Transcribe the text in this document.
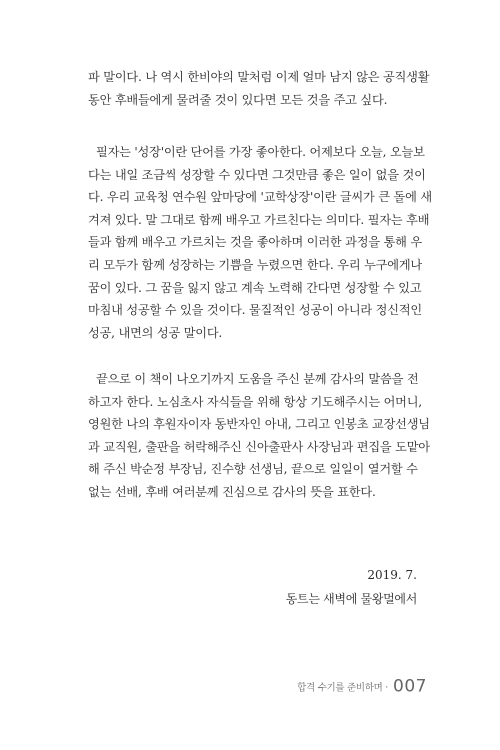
파 말이다. 나 역시 한비야의 말처럼 이제 얼마 남지 않은 공직생활
동안 후배들에게 물려줄 것이 있다면 모든 것을 주고 싶다.
필자는 '성장'이란 단어를 가장 좋아한다. 어제보다 오늘, 오늘보
다는 내일 조금씩 성장할 수 있다면 그것만큼 좋은 일이 없을 것이
다. 우리 교육청 연수원 앞마당에 '교학상장'이란 글씨가 큰 돌에 새
겨져 있다. 말 그대로 함께 배우고 가르친다는 의미다. 필자는 후배
들과 함께 배우고 가르치는 것을 좋아하며 이러한 과정을 통해 우
리 모두가 함께 성장하는 기쁨을 누렸으면 한다. 우리 누구에게나
꿈이 있다. 그 꿈을 잃지 않고 계속 노력해 간다면 성장할 수 있고
마침내 성공할 수 있을 것이다. 물질적인 성공이 아니라 정신적인
성공, 내면의 성공 말이다.
끝으로 이 책이 나오기까지 도움을 주신 분께 감사의 말씀을 전
하고자 한다. 노심초사 자식들을 위해 항상 기도해주시는 어머니,
영원한 나의 후원자이자 동반자인 아내, 그리고 인봉초 교장선생님
과 교직원, 출판을 허락해주신 신아출판사 사장님과 편집을 도맡아
해 주신 박순정 부장님, 진수향 선생님, 끝으로 일일이 열거할 수
없는 선배, 후배 여러분께 진심으로 감사의 뜻을 표한다.

2019. 7.

동트는 새벽에 물왕멀에서

합격 수기를 준비하며 · 007
